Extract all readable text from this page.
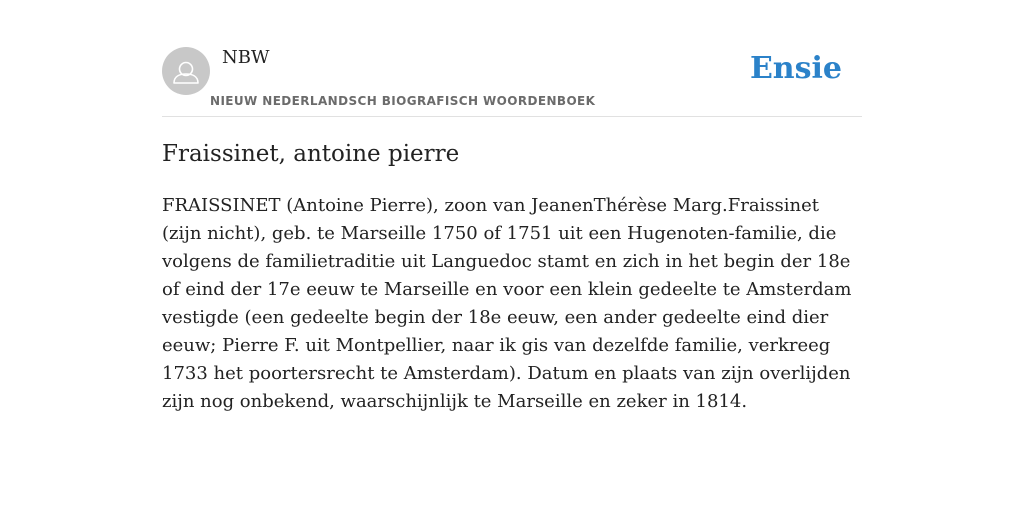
NBW
NIEUW NEDERLANDSCH BIOGRAFISCH WOORDENBOEK
Ensie
Fraissinet, antoine pierre

FRAISSINET (Antoine Pierre), zoon van JeanenThérèse Marg.Fraissinet (zijn nicht), geb. te Marseille 1750 of 1751 uit een Hugenoten-familie, die volgens de familietraditie uit Languedoc stamt en zich in het begin der 18e of eind der 17e eeuw te Marseille en voor een klein gedeelte te Amsterdam vestigde (een gedeelte begin der 18e eeuw, een ander gedeelte eind dier eeuw; Pierre F. uit Montpellier, naar ik gis van dezelfde familie, verkreeg 1733 het poortersrecht te Amsterdam). Datum en plaats van zijn overlijden zijn nog onbekend, waarschijnlijk te Marseille en zeker in 1814.
